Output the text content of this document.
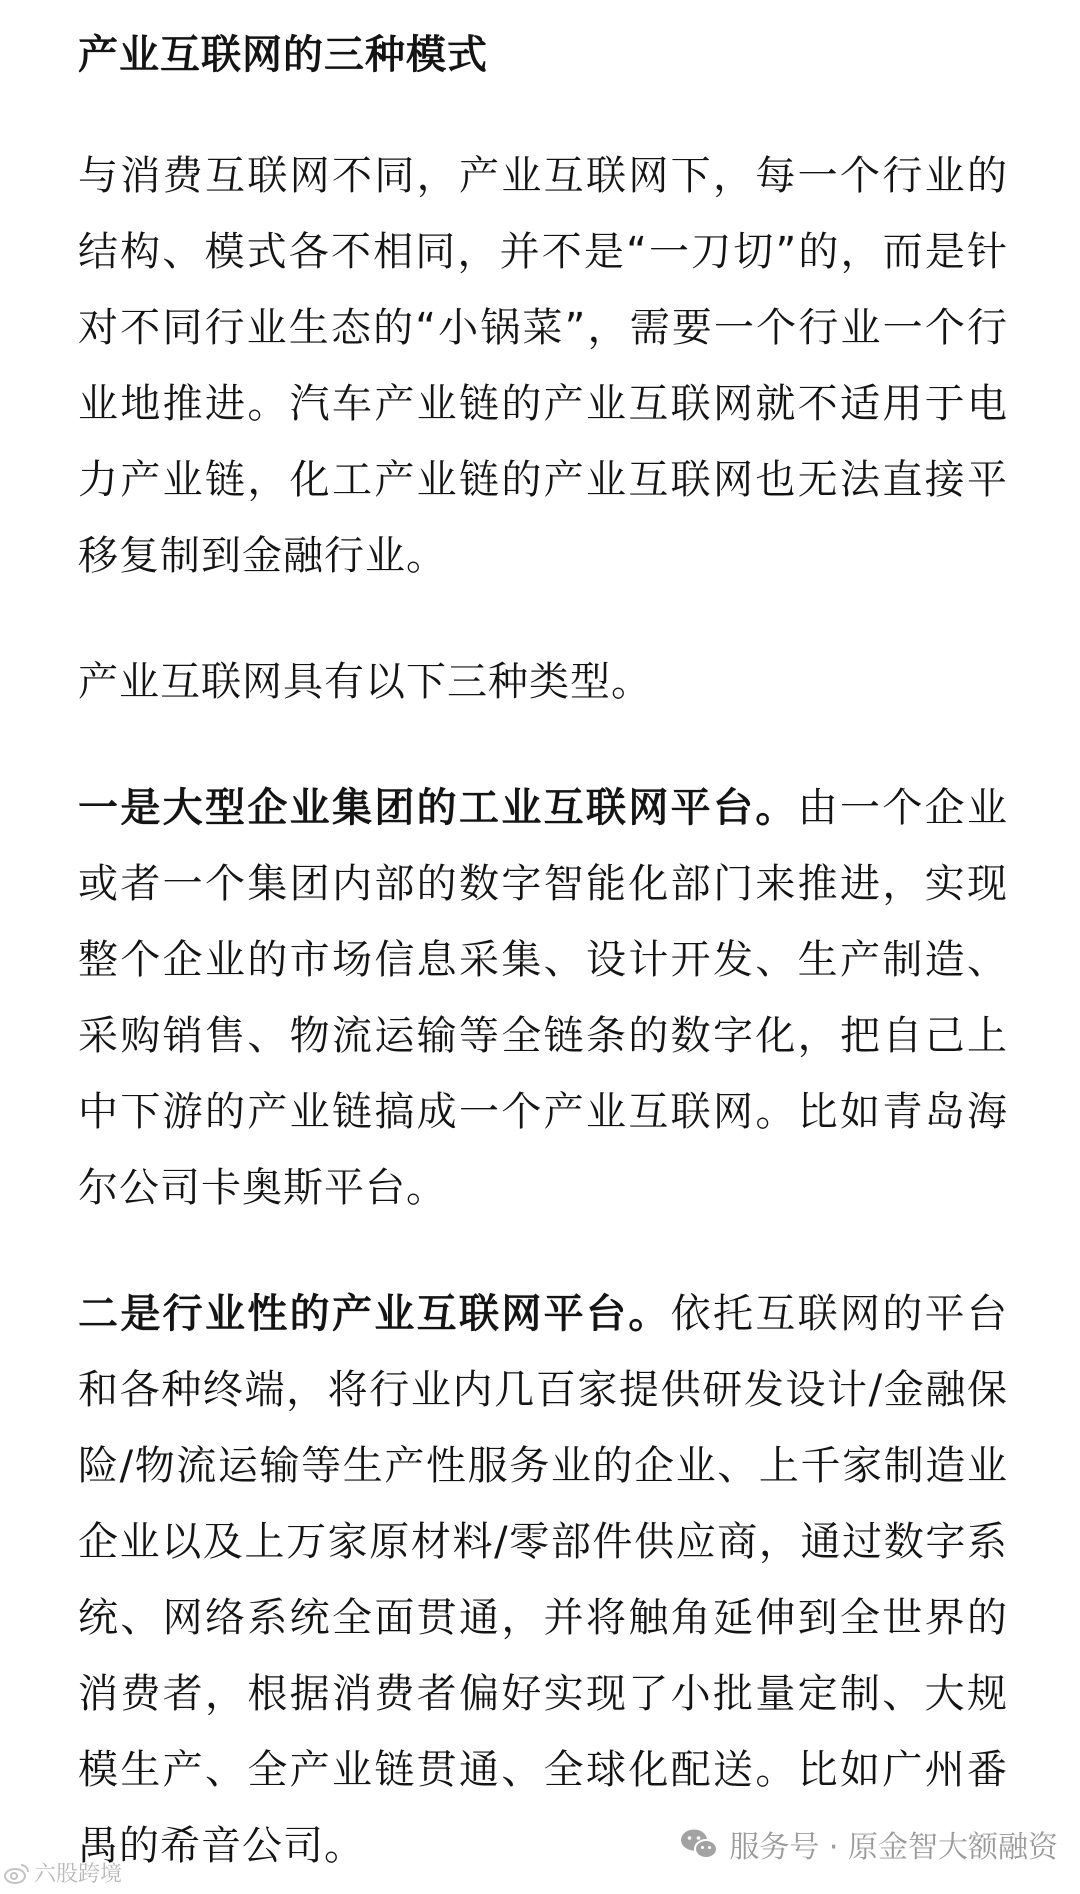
产业互联网的三种模式

与消费互联网不同，产业互联网下，每一个行业的结构、模式各不相同，并不是“一刀切”的，而是针对不同行业生态的“小锅菜”，需要一个行业一个行业地推进。汽车产业链的产业互联网就不适用于电力产业链，化工产业链的产业互联网也无法直接平移复制到金融行业。

产业互联网具有以下三种类型。

一是大型企业集团的工业互联网平台。由一个企业或者一个集团内部的数字智能化部门来推进，实现整个企业的市场信息采集、设计开发、生产制造、采购销售、物流运输等全链条的数字化，把自己上中下游的产业链搞成一个产业互联网。比如青岛海尔公司卡奥斯平台。

二是行业性的产业互联网平台。依托互联网的平台和各种终端，将行业内几百家提供研发设计/金融保险/物流运输等生产性服务业的企业、上千家制造业企业以及上万家原材料/零部件供应商，通过数字系统、网络系统全面贯通，并将触角延伸到全世界的消费者，根据消费者偏好实现了小批量定制、大规模生产、全产业链贯通、全球化配送。比如广州番禺的希音公司。

六股跨境
服务号 · 原金智大额融资
